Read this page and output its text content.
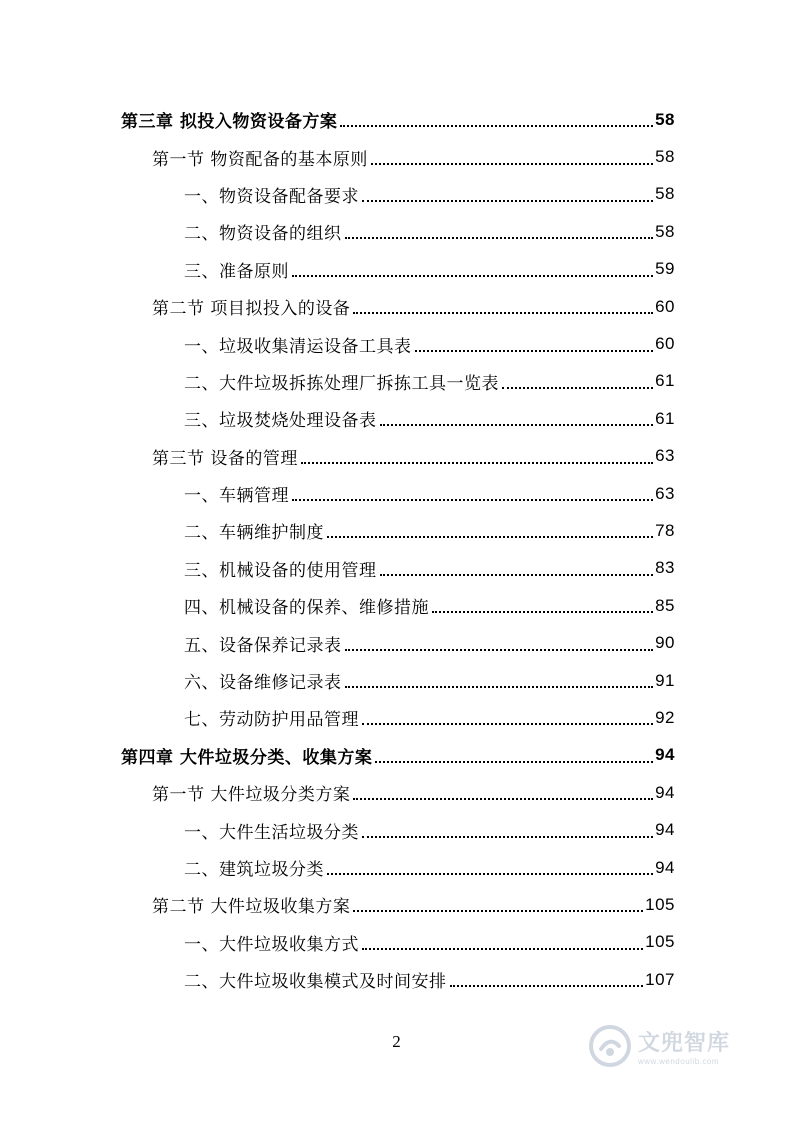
第三章 拟投入物资设备方案	58
第一节 物资配备的基本原则	58
一、物资设备配备要求	58
二、物资设备的组织	58
三、准备原则	59
第二节 项目拟投入的设备	60
一、垃圾收集清运设备工具表	60
二、大件垃圾拆拣处理厂拆拣工具一览表	61
三、垃圾焚烧处理设备表	61
第三节 设备的管理	63
一、车辆管理	63
二、车辆维护制度	78
三、机械设备的使用管理	83
四、机械设备的保养、维修措施	85
五、设备保养记录表	90
六、设备维修记录表	91
七、劳动防护用品管理	92
第四章 大件垃圾分类、收集方案	94
第一节 大件垃圾分类方案	94
一、大件生活垃圾分类	94
二、建筑垃圾分类	94
第二节 大件垃圾收集方案	105
一、大件垃圾收集方式	105
二、大件垃圾收集模式及时间安排	107
2	文兜智库
www.wendoulib.com
